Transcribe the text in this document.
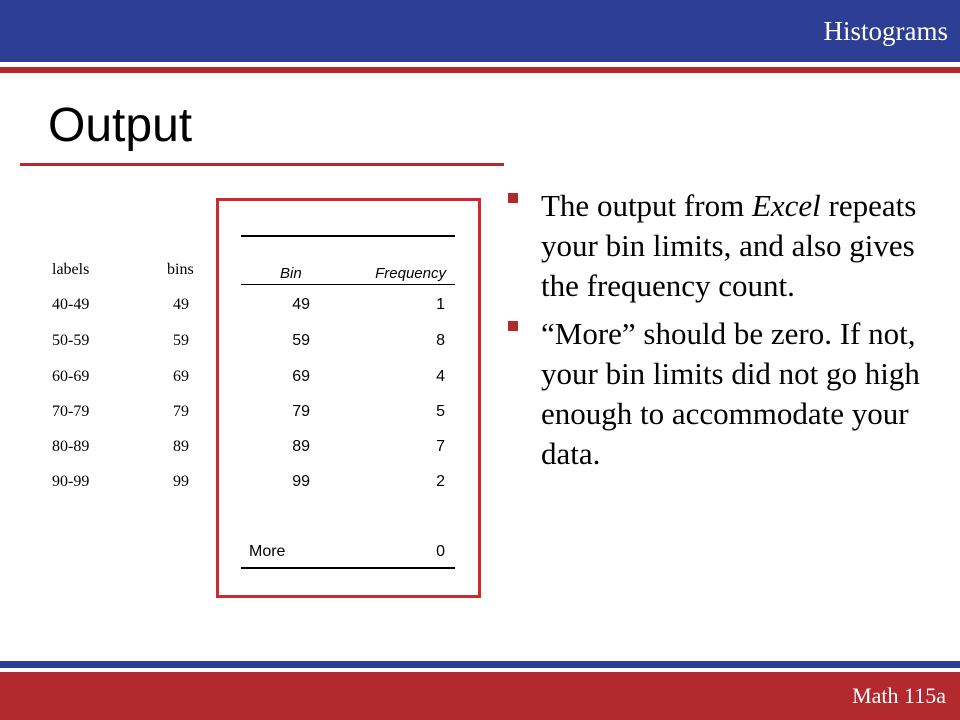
Histograms
Output
labels	bins
40-49	49
50-59	59
60-69	69
70-79	79
80-89	89
90-99	99
Bin	Frequency
49	1
59	8
69	4
79	5
89	7
99	2
More	0
The output from Excel repeats your bin limits, and also gives the frequency count.
“More” should be zero. If not, your bin limits did not go high enough to accommodate your data.
Math 115a
